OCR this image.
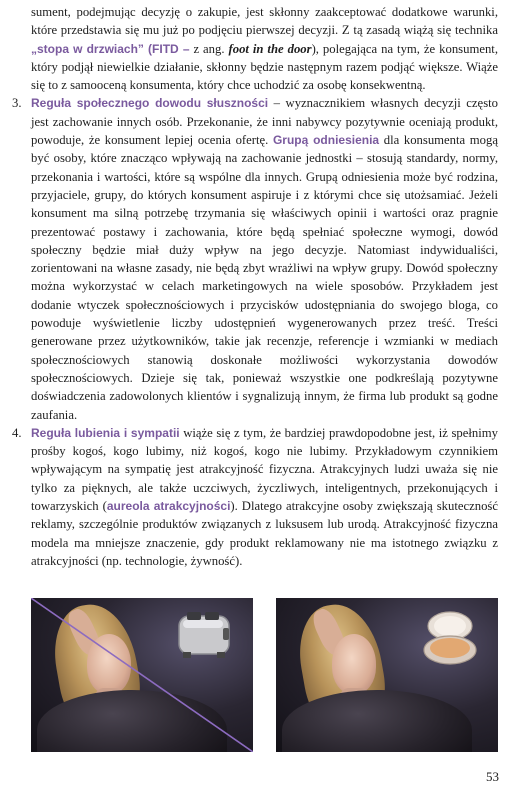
sument, podejmując decyzję o zakupie, jest skłonny zaakceptować dodatkowe warunki, które przedstawia się mu już po podjęciu pierwszej decyzji. Z tą zasadą wiążą się technika „stopa w drzwiach” (FITD – z ang. foot in the door), polegająca na tym, że konsument, który podjął niewielkie działanie, skłonny będzie następnym razem podjąć większe. Wiąże się to z samooceną konsumenta, który chce uchodzić za osobę konsekwentną.

3. Reguła społecznego dowodu słuszności – wyznacznikiem własnych decyzji często jest zachowanie innych osób. Przekonanie, że inni nabywcy pozytywnie oceniają produkt, powoduje, że konsument lepiej ocenia ofertę. Grupą odniesienia dla konsumenta mogą być osoby, które znacząco wpływają na zachowanie jednostki – stosują standardy, normy, przekonania i wartości, które są wspólne dla innych. Grupą odniesienia może być rodzina, przyjaciele, grupy, do których konsument aspiruje i z którymi chce się utożsamiać. Jeżeli konsument ma silną potrzebę trzymania się właściwych opinii i wartości oraz pragnie prezentować postawy i zachowania, które będą spełniać społeczne wymogi, dowód społeczny będzie miał duży wpływ na jego decyzje. Natomiast indywidualiści, zorientowani na własne zasady, nie będą zbyt wrażliwi na wpływ grupy. Dowód społeczny można wykorzystać w celach marketingowych na wiele sposobów. Przykładem jest dodanie wtyczek społecznościowych i przycisków udostępniania do swojego bloga, co powoduje wyświetlenie liczby udostępnień wygenerowanych przez treść. Treści generowane przez użytkowników, takie jak recenzje, referencje i wzmianki w mediach społecznościowych stanowią doskonałe możliwości wykorzystania dowodów społecznościowych. Dzieje się tak, ponieważ wszystkie one podkreślają pozytywne doświadczenia zadowolonych klientów i sygnalizują innym, że firma lub produkt są godne zaufania.

4. Reguła lubienia i sympatii wiąże się z tym, że bardziej prawdopodobne jest, iż spełnimy prośby kogoś, kogo lubimy, niż kogoś, kogo nie lubimy. Przykładowym czynnikiem wpływającym na sympatię jest atrakcyjność fizyczna. Atrakcyjnych ludzi uważa się nie tylko za pięknych, ale także uczciwych, życzliwych, inteligentnych, przekonujących i towarzyskich (aureola atrakcyjności). Dlatego atrakcyjne osoby zwiększają skuteczność reklamy, szczególnie produktów związanych z luksusem lub urodą. Atrakcyjność fizyczna modela ma mniejsze znaczenie, gdy produkt reklamowany nie ma istotnego związku z atrakcyjności (np. technologie, żywność).

53
